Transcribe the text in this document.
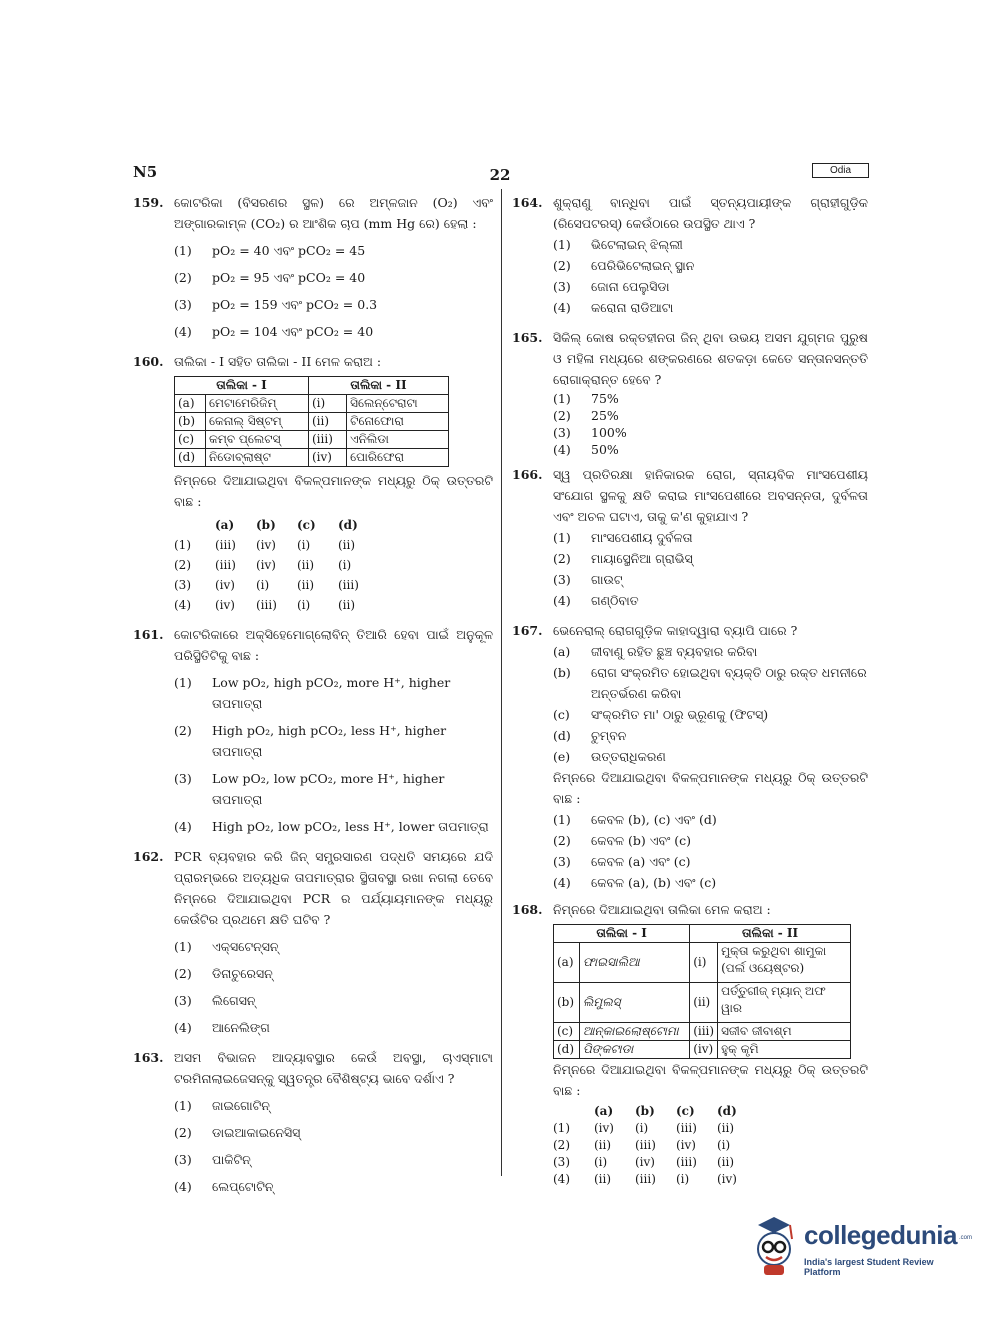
N5	22	Odia
159. କୋଟରିକା (ବିସରଣର ସ୍ଥଳ) ରେ ଅମ୍ଳଜାନ (O₂) ଏବଂ ଅଙ୍ଗାରକାମ୍ଳ (CO₂) ର ଆଂଶିକ ଚାପ (mm Hg ରେ) ହେଲା :
(1)	pO₂ = 40 ଏବଂ pCO₂ = 45
(2)	pO₂ = 95 ଏବଂ pCO₂ = 40
(3)	pO₂ = 159 ଏବଂ pCO₂ = 0.3
(4)	pO₂ = 104 ଏବଂ pCO₂ = 40
160. ତାଲିକା - I ସହିତ ତାଲିକା - II ମେଳ କରାଅ :
ତାଲିକା - I		ତାଲିକା - II	
(a)	ମେଟାମେରିଜିମ୍	(i)	ସିଲେନ୍‌ଟେରାଟା
(b)	କେନାଲ୍ ସିଷ୍ଟମ୍	(ii)	ଟିନୋଫୋରା
(c)	କମ୍ବ ପ୍ଲେଟସ୍	(iii)	ଏନିଲିଡା
(d)	ନିଡୋବ୍ଲାଷ୍ଟ	(iv)	ପୋରିଫେରା
ନିମ୍ନରେ ଦିଆଯାଇଥିବା ବିକଳ୍ପମାନଙ୍କ ମଧ୍ୟରୁ ଠିକ୍ ଉତ୍ତରଟି ବାଛ :
	(a)	(b)	(c)	(d)
(1)	(iii)	(iv)	(i)	(ii)
(2)	(iii)	(iv)	(ii)	(i)
(3)	(iv)	(i)	(ii)	(iii)
(4)	(iv)	(iii)	(i)	(ii)
161. କୋଟରିକାରେ ଅକ୍ସିହେମୋଗ୍ଲୋବିନ୍ ତିଆରି ହେବା ପାଇଁ ଅନୁକୂଳ ପରିସ୍ଥିତିଟିକୁ ବାଛ :
(1)	Low pO₂, high pCO₂, more H⁺, higher ତାପମାତ୍ରା
(2)	High pO₂, high pCO₂, less H⁺, higher ତାପମାତ୍ରା
(3)	Low pO₂, low pCO₂, more H⁺, higher ତାପମାତ୍ରା
(4)	High pO₂, low pCO₂, less H⁺, lower ତାପମାତ୍ରା
162. PCR ବ୍ୟବହାର କରି ଜିନ୍ ସମ୍ପ୍ରସାରଣ ପଦ୍ଧତି ସମୟରେ ଯଦି ପ୍ରାରମ୍ଭରେ ଅତ୍ୟଧିକ ତାପମାତ୍ରାର ସ୍ଥିତାବସ୍ଥା ରଖା ନଗଲା ତେବେ ନିମ୍ନରେ ଦିଆଯାଇଥିବା PCR ର ପର୍ଯ୍ୟାୟମାନଙ୍କ ମଧ୍ୟରୁ କେଉଁଟିର ପ୍ରଥମେ କ୍ଷତି ଘଟିବ ?
(1)	ଏକ୍ସଟେନ୍‌ସନ୍
(2)	ଡିନାଚୁରେସନ୍
(3)	ଲିଗେସନ୍
(4)	ଆନେଲିଙ୍ଗ
163. ଅସମ ବିଭାଜନ ଆଦ୍ୟାବସ୍ଥାର କେଉଁ ଅବସ୍ଥା, ଚାଏସ୍‌ମାଟା ଟରମିନାଲାଇଜେସନ୍‌କୁ ସ୍ୱତନ୍ତ୍ର ବୈଶିଷ୍ଟ୍ୟ ଭାବେ ଦର୍ଶାଏ ?
(1)	ଜାଇଗୋଟିନ୍
(2)	ଡାଇଆକାଇନେସିସ୍
(3)	ପାକିଟିନ୍
(4)	ଲେପ୍‌ଟୋଟିନ୍
164. ଶୁକ୍ରାଣୁ ବାନ୍ଧିବା ପାଇଁ ସ୍ତନ୍ୟପାୟୀଙ୍କ ଗ୍ରାହୀଗୁଡ଼ିକ (ରିସେପଟରସ୍) କେଉଁଠାରେ ଉପସ୍ଥିତ ଥାଏ ?
(1)	ଭିଟେଲାଇନ୍ ଝିଲ୍ଲୀ
(2)	ପେରିଭିଟେଲାଇନ୍ ସ୍ଥାନ
(3)	ଜୋନା ପେଲୁସିଡା
(4)	କରୋନା ରାଡିଆଟା
165. ସିକିଲ୍ କୋଷ ରକ୍ତହୀନତା ଜିନ୍ ଥିବା ଉଭୟ ଅସମ ଯୁଗ୍ମଜ ପୁରୁଷ ଓ ମହିଳା ମଧ୍ୟରେ ଶଙ୍କରଣରେ ଶତକଡ଼ା କେତେ ସନ୍ତାନସନ୍ତତି ରୋଗାକ୍ରାନ୍ତ ହେବେ ?
(1)	75%
(2)	25%
(3)	100%
(4)	50%
166. ସ୍ୱ ପ୍ରତିରକ୍ଷା ହାନିକାରକ ରୋଗ, ସ୍ନାୟବିକ ମାଂସପେଶୀୟ ସଂଯୋଗ ସ୍ଥଳକୁ କ୍ଷତି କରାଇ ମାଂସପେଶୀରେ ଅବସନ୍ନତା, ଦୁର୍ବଳତା ଏବଂ ଅଚଳ ଘଟାଏ, ତାକୁ କ'ଣ କୁହାଯାଏ ?
(1)	ମାଂସପେଶୀୟ ଦୁର୍ବଳତା
(2)	ମାୟାସ୍ଥେନିଆ ଗ୍ରାଭିସ୍
(3)	ଗାଉଟ୍
(4)	ଗଣ୍ଠିବାତ
167. ଭେନେରାଲ୍ ରୋଗଗୁଡ଼ିକ କାହାଦ୍ୱାରା ବ୍ୟାପି ପାରେ ?
(a)	ଜୀବାଣୁ ରହିତ ଛୁଞ୍ଚ ବ୍ୟବହାର କରିବା
(b)	ରୋଗ ସଂକ୍ରମିତ ହୋଇଥିବା ବ୍ୟକ୍ତି ଠାରୁ ରକ୍ତ ଧମନୀରେ ଅନ୍ତର୍ଭରଣ କରିବା
(c)	ସଂକ୍ରମିତ ମା' ଠାରୁ ଭ୍ରୂଣକୁ (ଫିଟସ୍)
(d)	ଚୁମ୍ବନ
(e)	ଉତ୍ତରାଧିକରଣ
ନିମ୍ନରେ ଦିଆଯାଇଥିବା ବିକଳ୍ପମାନଙ୍କ ମଧ୍ୟରୁ ଠିକ୍ ଉତ୍ତରଟି ବାଛ :
(1)	କେବଳ (b), (c) ଏବଂ (d)
(2)	କେବଳ (b) ଏବଂ (c)
(3)	କେବଳ (a) ଏବଂ (c)
(4)	କେବଳ (a), (b) ଏବଂ (c)
168. ନିମ୍ନରେ ଦିଆଯାଇଥିବା ତାଲିକା ମେଳ କରାଅ :
ତାଲିକା - I		ତାଲିକା - II	
(a)	ଫାଇସାଲିଆ	(i)	ମୁକ୍ତା କରୁଥିବା ଶାମୁକା (ପର୍ଲ ଓୟେଷ୍ଟର)
(b)	ଲିମୁଲସ୍	(ii)	ପର୍ତ୍ତୁଗୀଜ୍ ମ୍ୟାନ୍ ଅଫ ୱାର
(c)	ଆନ୍‌କାଇଲୋଷ୍ଟୋମା	(iii)	ସଜୀବ ଜୀବାଶ୍ମ
(d)	ପିଙ୍କଟାଡା	(iv)	ହୁକ୍ କୃମି
ନିମ୍ନରେ ଦିଆଯାଇଥିବା ବିକଳ୍ପମାନଙ୍କ ମଧ୍ୟରୁ ଠିକ୍ ଉତ୍ତରଟି ବାଛ :
	(a)	(b)	(c)	(d)
(1)	(iv)	(i)	(iii)	(ii)
(2)	(ii)	(iii)	(iv)	(i)
(3)	(i)	(iv)	(iii)	(ii)
(4)	(ii)	(iii)	(i)	(iv)
collegedunia .com
India's largest Student Review Platform
